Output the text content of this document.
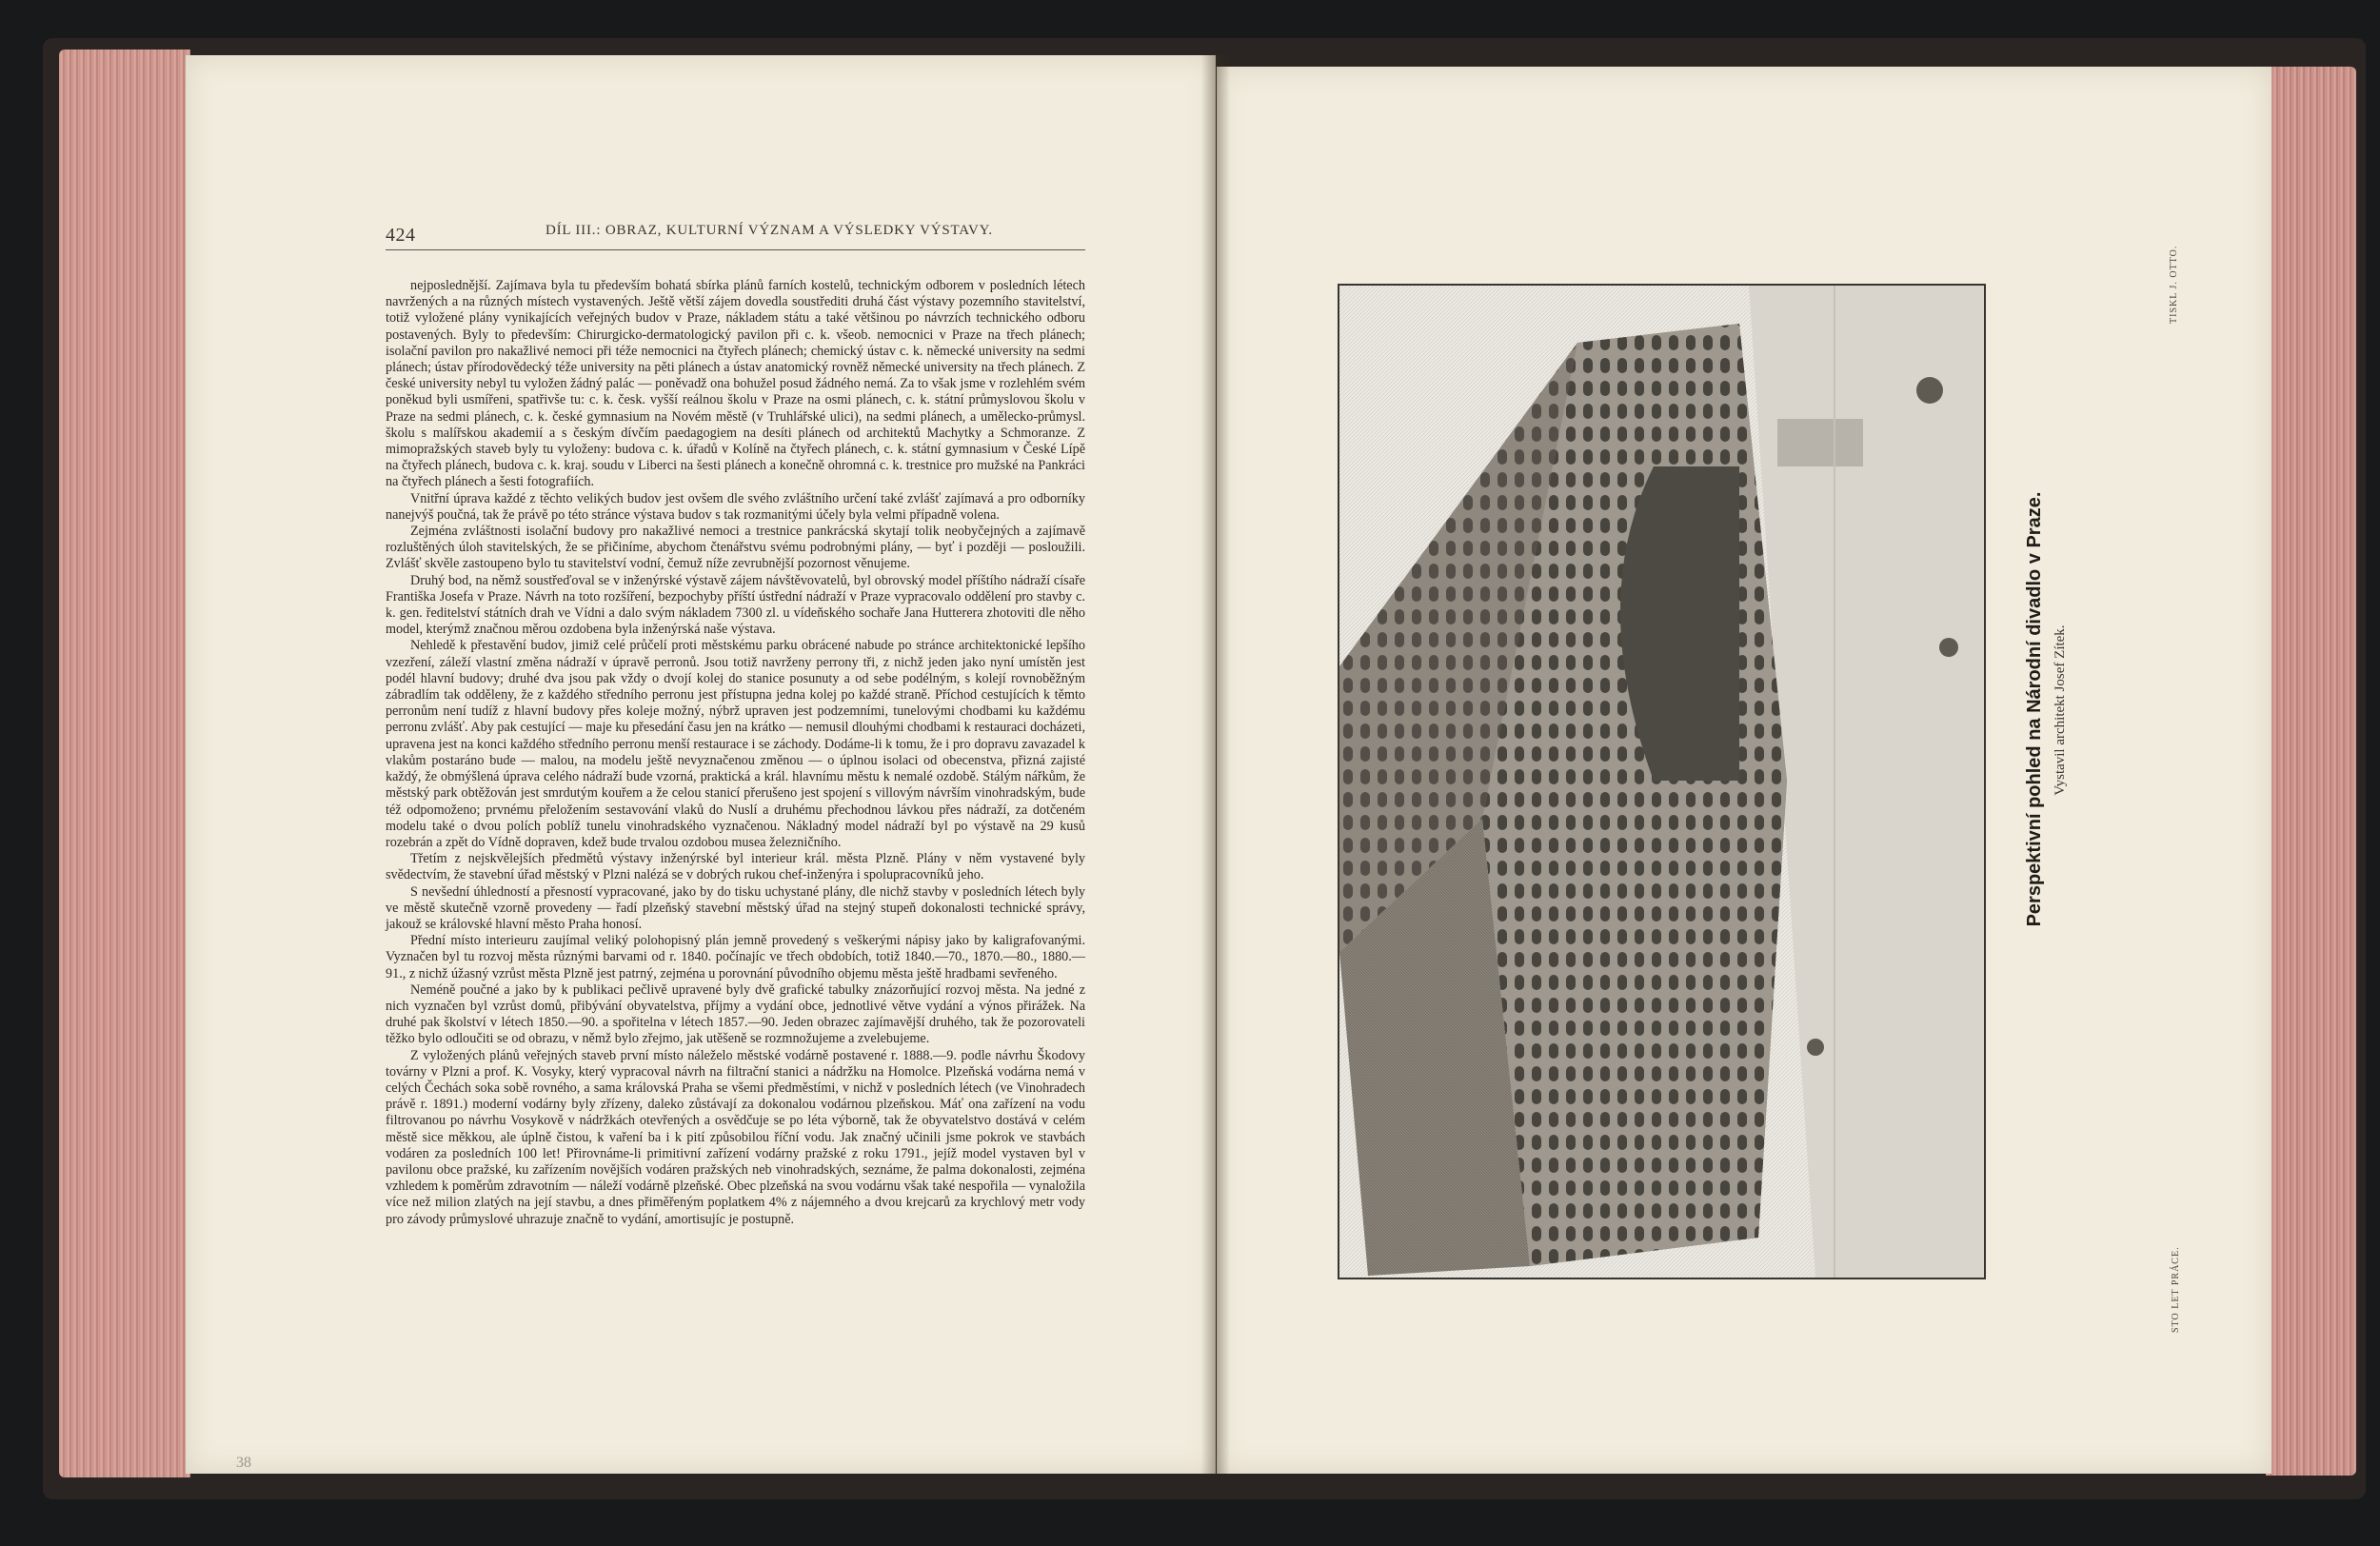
424	DÍL III.: OBRAZ, KULTURNÍ VÝZNAM A VÝSLEDKY VÝSTAVY.

nejposlednější. Zajímava byla tu především bohatá sbírka plánů farních kostelů, technickým odborem v posledních létech navržených a na různých místech vystavených. Ještě větší zájem dovedla soustřediti druhá část výstavy pozemního stavitelství, totiž vyložené plány vynikajících veřejných budov v Praze, nákladem státu a také většinou po návrzích technického odboru postavených. Byly to především: Chirurgicko-dermatologický pavilon při c. k. všeob. nemocnici v Praze na třech plánech; isolační pavilon pro nakažlivé nemoci při téže nemocnici na čtyřech plánech; chemický ústav c. k. německé university na sedmi plánech; ústav přírodovědecký téže university na pěti plánech a ústav anatomický rovněž německé university na třech plánech. Z české university nebyl tu vyložen žádný palác — poněvadž ona bohužel posud žádného nemá. Za to však jsme v rozlehlém svém poněkud byli usmířeni, spatřivše tu: c. k. česk. vyšší reálnou školu v Praze na osmi plánech, c. k. státní průmyslovou školu v Praze na sedmi plánech, c. k. české gymnasium na Novém městě (v Truhlářské ulici), na sedmi plánech, a umělecko-průmysl. školu s malířskou akademií a s českým dívčím paedagogiem na desíti plánech od architektů Machytky a Schmoranze. Z mimopražských staveb byly tu vyloženy: budova c. k. úřadů v Kolíně na čtyřech plánech, c. k. státní gymnasium v České Lípě na čtyřech plánech, budova c. k. kraj. soudu v Liberci na šesti plánech a konečně ohromná c. k. trestnice pro mužské na Pankráci na čtyřech plánech a šesti fotografiích.

Vnitřní úprava každé z těchto velikých budov jest ovšem dle svého zvláštního určení také zvlášť zajímavá a pro odborníky nanejvýš poučná, tak že právě po této stránce výstava budov s tak rozmanitými účely byla velmi případně volena.

Zejména zvláštnosti isolační budovy pro nakažlivé nemoci a trestnice pankrácská skytají tolik neobyčejných a zajímavě rozluštěných úloh stavitelských, že se přičiníme, abychom čtenářstvu svému podrobnými plány, — byť i později — posloužili. Zvlášť skvěle zastoupeno bylo tu stavitelství vodní, čemuž níže zevrubnější pozornost věnujeme.

Druhý bod, na němž soustřeďoval se v inženýrské výstavě zájem návštěvovatelů, byl obrovský model příštího nádraží císaře Františka Josefa v Praze. Návrh na toto rozšíření, bezpochyby příští ústřední nádraží v Praze vypracovalo oddělení pro stavby c. k. gen. ředitelství státních drah ve Vídni a dalo svým nákladem 7300 zl. u vídeňského sochaře Jana Hutterera zhotoviti dle něho model, kterýmž značnou měrou ozdobena byla inženýrská naše výstava.

Nehledě k přestavění budov, jimiž celé průčelí proti městskému parku obrácené nabude po stránce architektonické lepšího vzezření, záleží vlastní změna nádraží v úpravě perronů. Jsou totiž navrženy perrony tři, z nichž jeden jako nyní umístěn jest podél hlavní budovy; druhé dva jsou pak vždy o dvojí kolej do stanice posunuty a od sebe podélným, s kolejí rovnoběžným zábradlím tak odděleny, že z každého středního perronu jest přístupna jedna kolej po každé straně. Příchod cestujících k těmto perronům není tudíž z hlavní budovy přes koleje možný, nýbrž upraven jest podzemními, tunelovými chodbami ku každému perronu zvlášť. Aby pak cestující — maje ku přesedání času jen na krátko — nemusil dlouhými chodbami k restauraci docházeti, upravena jest na konci každého středního perronu menší restaurace i se záchody. Dodáme-li k tomu, že i pro dopravu zavazadel k vlakům postaráno bude — malou, na modelu ještě nevyznačenou změnou — o úplnou isolaci od obecenstva, přizná zajisté každý, že obmýšlená úprava celého nádraží bude vzorná, praktická a král. hlavnímu městu k nemalé ozdobě. Stálým nářkům, že městský park obtěžován jest smrdutým kouřem a že celou stanicí přerušeno jest spojení s villovým návrším vinohradským, bude též odpomoženo; prvnému přeložením sestavování vlaků do Nuslí a druhému přechodnou lávkou přes nádraží, za dotčeném modelu také o dvou polích poblíž tunelu vinohradského vyznačenou. Nákladný model nádraží byl po výstavě na 29 kusů rozebrán a zpět do Vídně dopraven, kdež bude trvalou ozdobou musea železničního.

Třetím z nejskvělejších předmětů výstavy inženýrské byl interieur král. města Plzně. Plány v něm vystavené byly svědectvím, že stavební úřad městský v Plzni nalézá se v dobrých rukou chef-inženýra i spolupracovníků jeho.

S nevšední úhledností a přesností vypracované, jako by do tisku uchystané plány, dle nichž stavby v posledních létech byly ve městě skutečně vzorně provedeny — řadí plzeňský stavební městský úřad na stejný stupeň dokonalosti technické správy, jakouž se královské hlavní město Praha honosí.

Přední místo interieuru zaujímal veliký polohopisný plán jemně provedený s veškerými nápisy jako by kaligrafovanými. Vyznačen byl tu rozvoj města různými barvami od r. 1840. počínajíc ve třech obdobích, totiž 1840.—70., 1870.—80., 1880.—91., z nichž úžasný vzrůst města Plzně jest patrný, zejména u porovnání původního objemu města ještě hradbami sevřeného.

Neméně poučné a jako by k publikaci pečlivě upravené byly dvě grafické tabulky znázorňující rozvoj města. Na jedné z nich vyznačen byl vzrůst domů, přibývání obyvatelstva, příjmy a vydání obce, jednotlivé větve vydání a výnos přirážek. Na druhé pak školství v létech 1850.—90. a spořitelna v létech 1857.—90. Jeden obrazec zajímavější druhého, tak že pozorovateli těžko bylo odloučiti se od obrazu, v němž bylo zřejmo, jak utěšeně se rozmnožujeme a zvelebujeme.

Z vyložených plánů veřejných staveb první místo náleželo městské vodárně postavené r. 1888.—9. podle návrhu Škodovy továrny v Plzni a prof. K. Vosyky, který vypracoval návrh na filtrační stanici a nádržku na Homolce. Plzeňská vodárna nemá v celých Čechách soka sobě rovného, a sama královská Praha se všemi předměstími, v nichž v posledních létech (ve Vinohradech právě r. 1891.) moderní vodárny byly zřízeny, daleko zůstávají za dokonalou vodárnou plzeňskou. Máť ona zařízení na vodu filtrovanou po návrhu Vosykově v nádržkách otevřených a osvědčuje se po léta výborně, tak že obyvatelstvo dostává v celém městě sice měkkou, ale úplně čistou, k vaření ba i k pití způsobilou říční vodu. Jak značný učinili jsme pokrok ve stavbách vodáren za posledních 100 let! Přirovnáme-li primitivní zařízení vodárny pražské z roku 1791., jejíž model vystaven byl v pavilonu obce pražské, ku zařízením novějších vodáren pražských neb vinohradských, seznáme, že palma dokonalosti, zejména vzhledem k poměrům zdravotním — náleží vodárně plzeňské. Obec plzeňská na svou vodárnu však také nespořila — vynaložila více než milion zlatých na její stavbu, a dnes přiměřeným poplatkem 4% z nájemného a dvou krejcarů za krychlový metr vody pro závody průmyslové uhrazuje značně to vydání, amortisujíc je postupně.

38
Perspektivní pohled na Národní divadlo v Praze. Vystavil architekt Josef Zítek.
TISKL J. OTTO.
STO LET PRÁCE.
